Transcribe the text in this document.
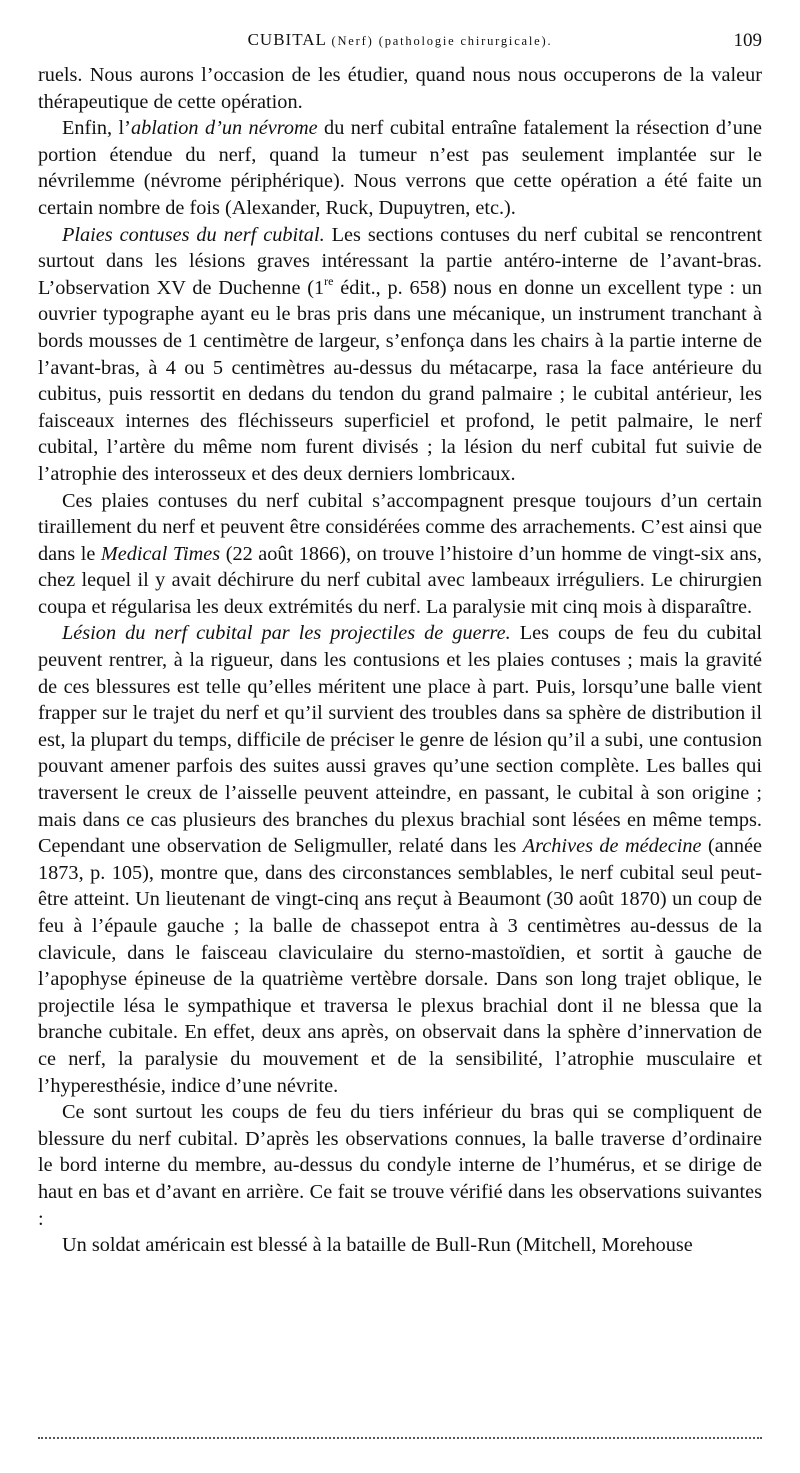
CUBITAL (Nerf) (pathologie chirurgicale).	109

ruels. Nous aurons l’occasion de les étudier, quand nous nous occuperons de la valeur thérapeutique de cette opération.

Enfin, l’ablation d’un névrome du nerf cubital entraîne fatalement la résection d’une portion étendue du nerf, quand la tumeur n’est pas seulement implantée sur le névrilemme (névrome périphérique). Nous verrons que cette opération a été faite un certain nombre de fois (Alexander, Ruck, Dupuytren, etc.).

Plaies contuses du nerf cubital. Les sections contuses du nerf cubital se rencontrent surtout dans les lésions graves intéressant la partie antéro-interne de l’avant-bras. L’observation XV de Duchenne (1re édit., p. 658) nous en donne un excellent type : un ouvrier typographe ayant eu le bras pris dans une mécanique, un instrument tranchant à bords mousses de 1 centimètre de largeur, s’enfonça dans les chairs à la partie interne de l’avant-bras, à 4 ou 5 centimètres au-dessus du métacarpe, rasa la face antérieure du cubitus, puis ressortit en dedans du tendon du grand palmaire ; le cubital antérieur, les faisceaux internes des fléchisseurs superficiel et profond, le petit palmaire, le nerf cubital, l’artère du même nom furent divisés ; la lésion du nerf cubital fut suivie de l’atrophie des interosseux et des deux derniers lombricaux.

Ces plaies contuses du nerf cubital s’accompagnent presque toujours d’un certain tiraillement du nerf et peuvent être considérées comme des arrachements. C’est ainsi que dans le Medical Times (22 août 1866), on trouve l’histoire d’un homme de vingt-six ans, chez lequel il y avait déchirure du nerf cubital avec lambeaux irréguliers. Le chirurgien coupa et régularisa les deux extrémités du nerf. La paralysie mit cinq mois à disparaître.

Lésion du nerf cubital par les projectiles de guerre. Les coups de feu du cubital peuvent rentrer, à la rigueur, dans les contusions et les plaies contuses ; mais la gravité de ces blessures est telle qu’elles méritent une place à part. Puis, lorsqu’une balle vient frapper sur le trajet du nerf et qu’il survient des troubles dans sa sphère de distribution il est, la plupart du temps, difficile de préciser le genre de lésion qu’il a subi, une contusion pouvant amener parfois des suites aussi graves qu’une section complète. Les balles qui traversent le creux de l’aisselle peuvent atteindre, en passant, le cubital à son origine ; mais dans ce cas plusieurs des branches du plexus brachial sont lésées en même temps. Cependant une observation de Seligmuller, relaté dans les Archives de médecine (année 1873, p. 105), montre que, dans des circonstances semblables, le nerf cubital seul peut-être atteint. Un lieutenant de vingt-cinq ans reçut à Beaumont (30 août 1870) un coup de feu à l’épaule gauche ; la balle de chassepot entra à 3 centimètres au-dessus de la clavicule, dans le faisceau claviculaire du sterno-mastoïdien, et sortit à gauche de l’apophyse épineuse de la quatrième vertèbre dorsale. Dans son long trajet oblique, le projectile lésa le sympathique et traversa le plexus brachial dont il ne blessa que la branche cubitale. En effet, deux ans après, on observait dans la sphère d’innervation de ce nerf, la paralysie du mouvement et de la sensibilité, l’atrophie musculaire et l’hyperesthésie, indice d’une névrite.

Ce sont surtout les coups de feu du tiers inférieur du bras qui se compliquent de blessure du nerf cubital. D’après les observations connues, la balle traverse d’ordinaire le bord interne du membre, au-dessus du condyle interne de l’humérus, et se dirige de haut en bas et d’avant en arrière. Ce fait se trouve vérifié dans les observations suivantes :

Un soldat américain est blessé à la bataille de Bull-Run (Mitchell, Morehouse
